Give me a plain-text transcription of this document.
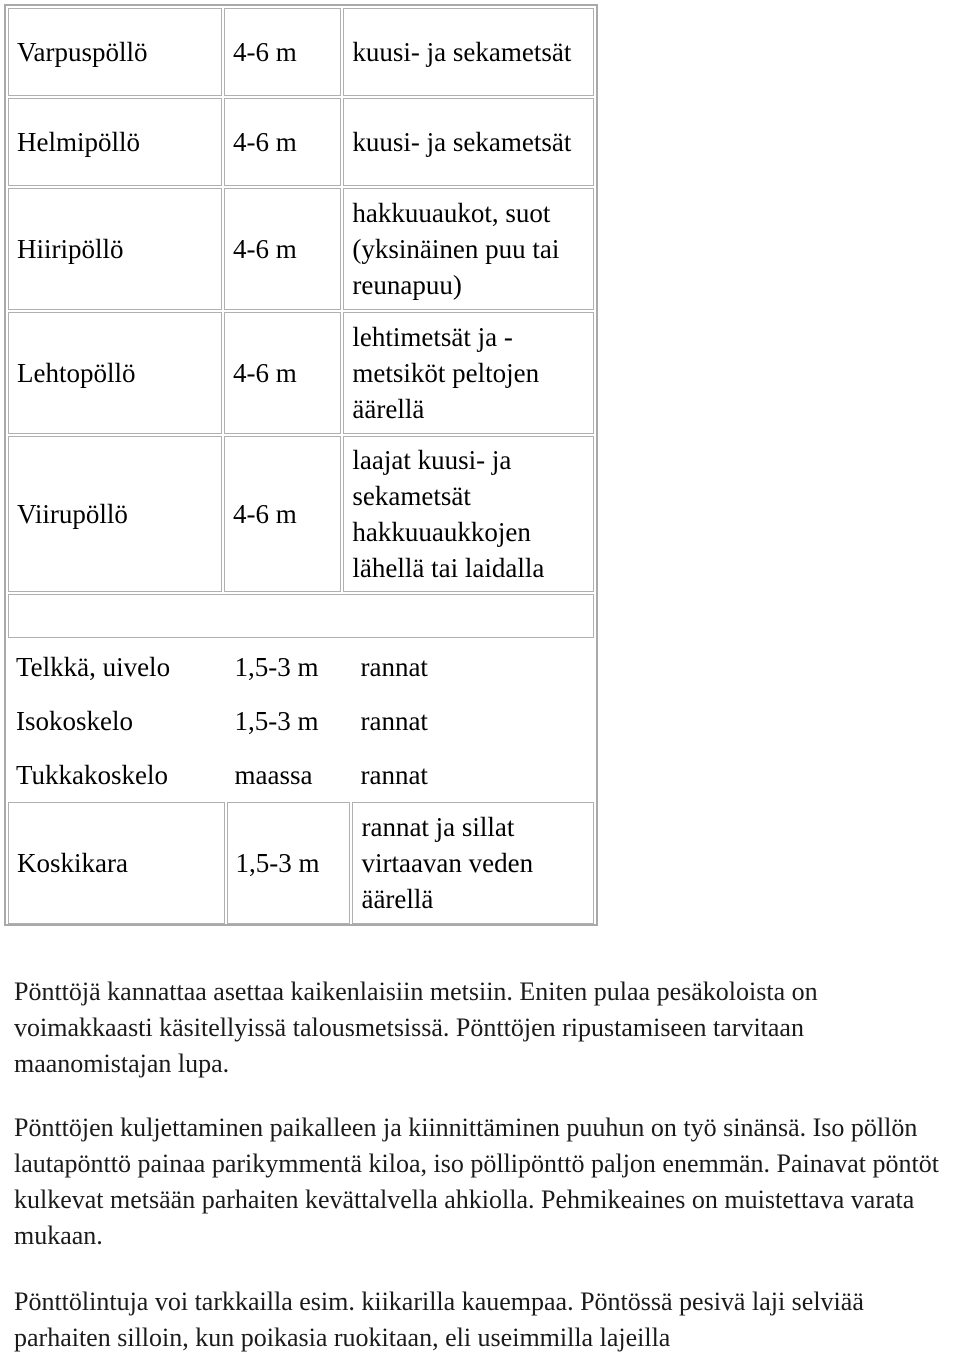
Varpuspöllö	4-6 m	kuusi- ja sekametsät
Helmipöllö	4-6 m	kuusi- ja sekametsät
Hiiripöllö	4-6 m	hakkuuaukot, suot (yksinäinen puu tai reunapuu)
Lehtopöllö	4-6 m	lehtimetsät ja -metsiköt peltojen äärellä
Viirupöllö	4-6 m	laajat kuusi- ja sekametsät hakkuuaukkojen lähellä tai laidalla

Telkkä, uivelo	1,5-3 m	rannat
Isokoskelo	1,5-3 m	rannat
Tukkakoskelo	maassa	rannat
Koskikara	1,5-3 m	rannat ja sillat virtaavan veden äärellä

Pönttöjä kannattaa asettaa kaikenlaisiin metsiin. Eniten pulaa pesäkoloista on voimakkaasti käsitellyissä talousmetsissä. Pönttöjen ripustamiseen tarvitaan maanomistajan lupa.

Pönttöjen kuljettaminen paikalleen ja kiinnittäminen puuhun on työ sinänsä. Iso pöllön lautapönttö painaa parikymmentä kiloa, iso pöllipönttö paljon enemmän. Painavat pöntöt kulkevat metsään parhaiten kevättalvella ahkiolla. Pehmikeaines on muistettava varata mukaan.

Pönttölintuja voi tarkkailla esim. kiikarilla kauempaa. Pöntössä pesivä laji selviää parhaiten silloin, kun poikasia ruokitaan, eli useimmilla lajeilla
